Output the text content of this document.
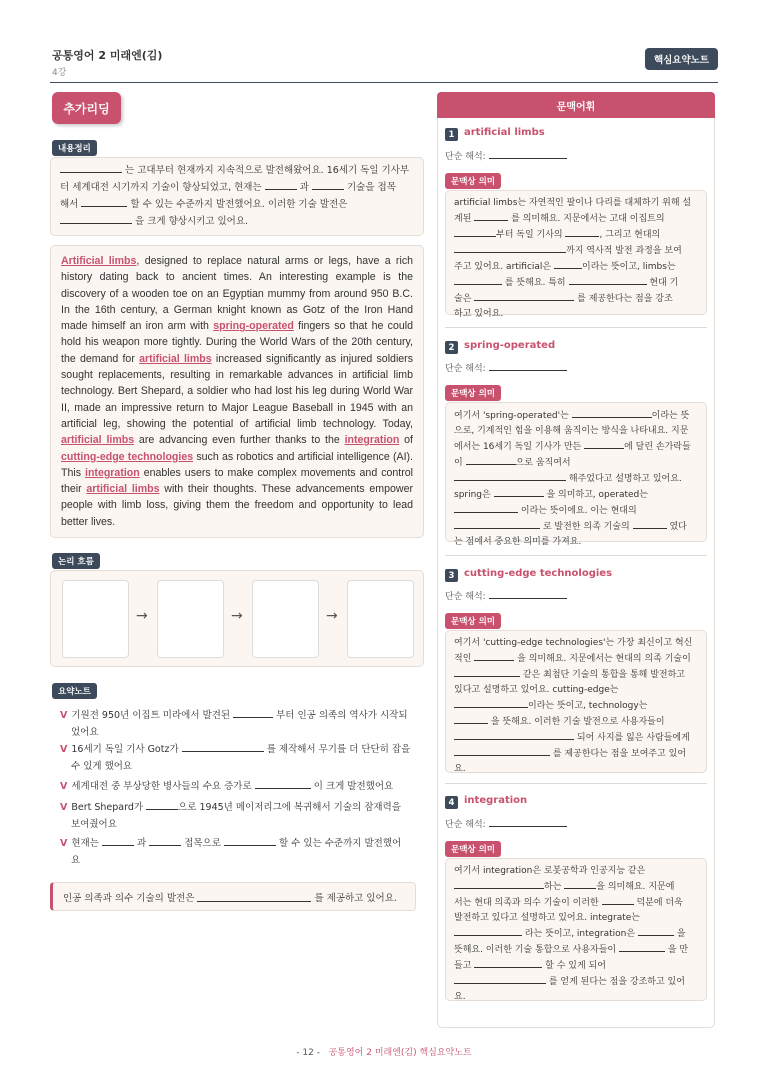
공통영어 2 미래엔(김)
4강
핵심요약노트
추가리딩
내용정리
는 고대부터 현재까지 지속적으로 발전해왔어요. 16세기 독일 기사부
터 세계대전 시기까지 기술이 향상되었고, 현재는	과	기술을 접목
해서	할 수 있는 수준까지 발전했어요. 이러한 기술 발전은
을 크게 향상시키고 있어요.
Artificial limbs, designed to replace natural arms or legs, have a rich history dating back to ancient times. An interesting example is the discovery of a wooden toe on an Egyptian mummy from around 950 B.C. In the 16th century, a German knight known as Gotz of the Iron Hand made himself an iron arm with spring-operated fingers so that he could hold his weapon more tightly. During the World Wars of the 20th century, the demand for artificial limbs increased significantly as injured soldiers sought replacements, resulting in remarkable advances in artificial limb technology. Bert Shepard, a soldier who had lost his leg during World War II, made an impressive return to Major League Baseball in 1945 with an artificial leg, showing the potential of artificial limb technology. Today, artificial limbs are advancing even further thanks to the integration of cutting-edge technologies such as robotics and artificial intelligence (AI). This integration enables users to make complex movements and control their artificial limbs with their thoughts. These advancements empower people with limb loss, giving them the freedom and opportunity to lead better lives.
논리 흐름
→	→	→
요약노트
V 기원전 950년 이집트 미라에서 발견된	부터 인공 의족의 역사가 시작되
었어요
V 16세기 독일 기사 Gotz가	를 제작해서 무기를 더 단단히 잡을
수 있게 했어요
V 세계대전 중 부상당한 병사들의 수요 증가로	이 크게 발전했어요
V Bert Shepard가	으로 1945년 메이저리그에 복귀해서 기술의 잠재력을
보여줬어요
V 현재는	과	접목으로	할 수 있는 수준까지 발전했어
요
인공 의족과 의수 기술의 발전은

	를 제공하고 있어요.
문맥어휘
1 artificial limbs
단순 해석:
문맥상 의미
artificial limbs는 자연적인 팔이나 다리를 대체하기 위해 설
계된	를 의미해요. 지문에서는 고대 이집트의
부터 독일 기사의	, 그리고 현대의
까지 역사적 발전 과정을 보여
주고 있어요. artificial은	이라는 뜻이고, limbs는
를 뜻해요. 특히	현대 기
술은	를 제공한다는 점을 강조
하고 있어요.
2 spring-operated
단순 해석:
문맥상 의미
여기서 'spring-operated'는	이라는 뜻
으로, 기계적인 힘을 이용해 움직이는 방식을 나타내요. 지문
에서는 16세기 독일 기사가 만든	에 달린 손가락들
이	으로 움직여서
해주었다고 설명하고 있어요.
spring은	을 의미하고, operated는
이라는 뜻이에요. 이는 현대의
로 발전한 의족 기술의	였다
는 점에서 중요한 의미를 가져요.
3 cutting-edge technologies
단순 해석:
문맥상 의미
여기서 'cutting-edge technologies'는 가장 최신이고 혁신
적인	을 의미해요. 지문에서는 현대의 의족 기술이
같은 최첨단 기술의 통합을 통해 발전하고
있다고 설명하고 있어요. cutting-edge는
이라는 뜻이고, technology는
을 뜻해요. 이러한 기술 발전으로 사용자들이
되어 사지를 잃은 사람들에게
를 제공한다는 점을 보여주고 있어
요.
4 integration
단순 해석:
문맥상 의미
여기서 integration은 로봇공학과 인공지능 같은
하는	을 의미해요. 지문에
서는 현대 의족과 의수 기술이 이러한	덕분에 더욱
발전하고 있다고 설명하고 있어요. integrate는
라는 뜻이고, integration은	을
뜻해요. 이러한 기술 통합으로 사용자들이	을 만
들고	할 수 있게 되어
를 얻게 된다는 점을 강조하고 있어
요.
- 12 - 공통영어 2 미래엔(김) 핵심요약노트
